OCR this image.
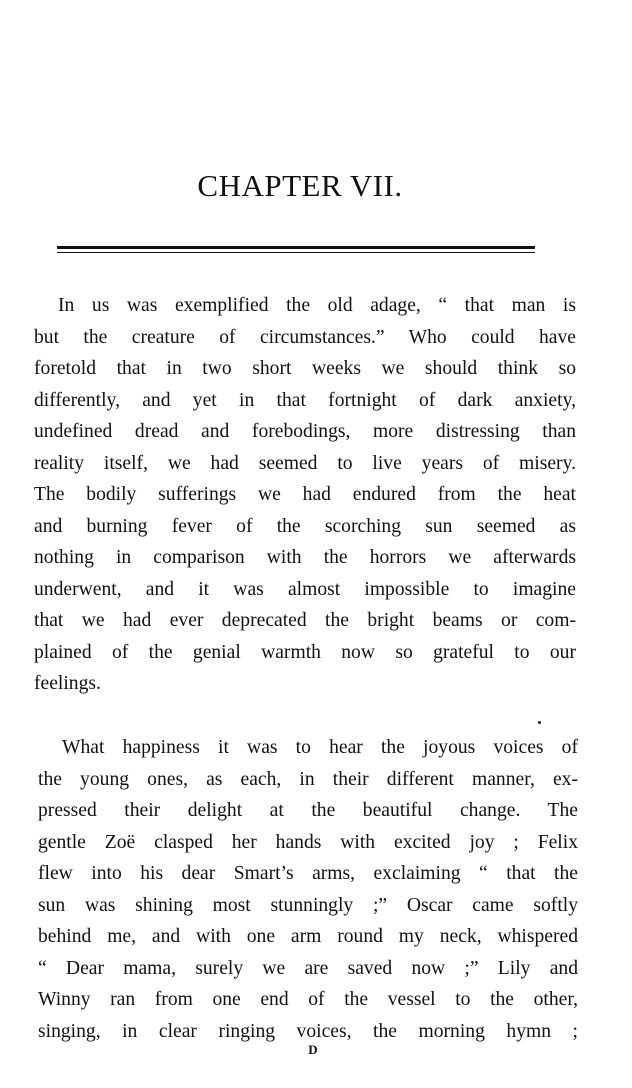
CHAPTER VII.
In us was exemplified the old adage, “ that man is
but the creature of circumstances.” Who could have
foretold that in two short weeks we should think so
differently, and yet in that fortnight of dark anxiety,
undefined dread and forebodings, more distressing than
reality itself, we had seemed to live years of misery.
The bodily sufferings we had endured from the heat
and burning fever of the scorching sun seemed as
nothing in comparison with the horrors we afterwards
underwent, and it was almost impossible to imagine
that we had ever deprecated the bright beams or com-
plained of the genial warmth now so grateful to our
feelings.
What happiness it was to hear the joyous voices of
the young ones, as each, in their different manner, ex-
pressed their delight at the beautiful change. The
gentle Zoë clasped her hands with excited joy ; Felix
flew into his dear Smart’s arms, exclaiming “ that the
sun was shining most stunningly ;” Oscar came softly
behind me, and with one arm round my neck, whispered
“ Dear mama, surely we are saved now ;” Lily and
Winny ran from one end of the vessel to the other,
singing, in clear ringing voices, the morning hymn ;
D
